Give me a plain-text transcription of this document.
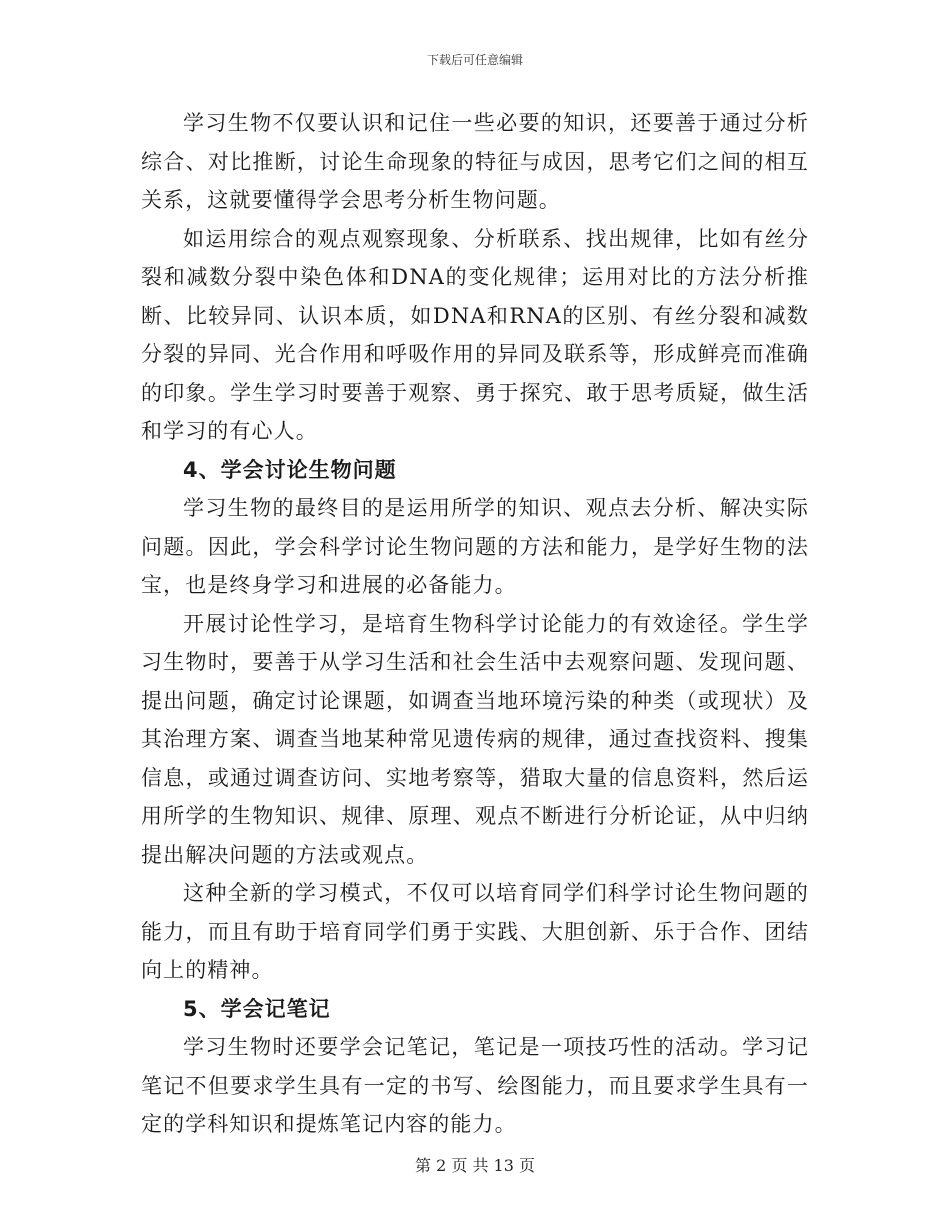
下载后可任意编辑

学习生物不仅要认识和记住一些必要的知识，还要善于通过分析综合、对比推断，讨论生命现象的特征与成因，思考它们之间的相互关系，这就要懂得学会思考分析生物问题。

如运用综合的观点观察现象、分析联系、找出规律，比如有丝分裂和减数分裂中染色体和DNA的变化规律；运用对比的方法分析推断、比较异同、认识本质，如DNA和RNA的区别、有丝分裂和减数分裂的异同、光合作用和呼吸作用的异同及联系等，形成鲜亮而准确的印象。学生学习时要善于观察、勇于探究、敢于思考质疑，做生活和学习的有心人。

4、学会讨论生物问题

学习生物的最终目的是运用所学的知识、观点去分析、解决实际问题。因此，学会科学讨论生物问题的方法和能力，是学好生物的法宝，也是终身学习和进展的必备能力。

开展讨论性学习，是培育生物科学讨论能力的有效途径。学生学习生物时，要善于从学习生活和社会生活中去观察问题、发现问题、提出问题，确定讨论课题，如调查当地环境污染的种类（或现状）及其治理方案、调查当地某种常见遗传病的规律，通过查找资料、搜集信息，或通过调查访问、实地考察等，猎取大量的信息资料，然后运用所学的生物知识、规律、原理、观点不断进行分析论证，从中归纳提出解决问题的方法或观点。

这种全新的学习模式，不仅可以培育同学们科学讨论生物问题的能力，而且有助于培育同学们勇于实践、大胆创新、乐于合作、团结向上的精神。

5、学会记笔记

学习生物时还要学会记笔记，笔记是一项技巧性的活动。学习记笔记不但要求学生具有一定的书写、绘图能力，而且要求学生具有一定的学科知识和提炼笔记内容的能力。

第 2 页 共 13 页
